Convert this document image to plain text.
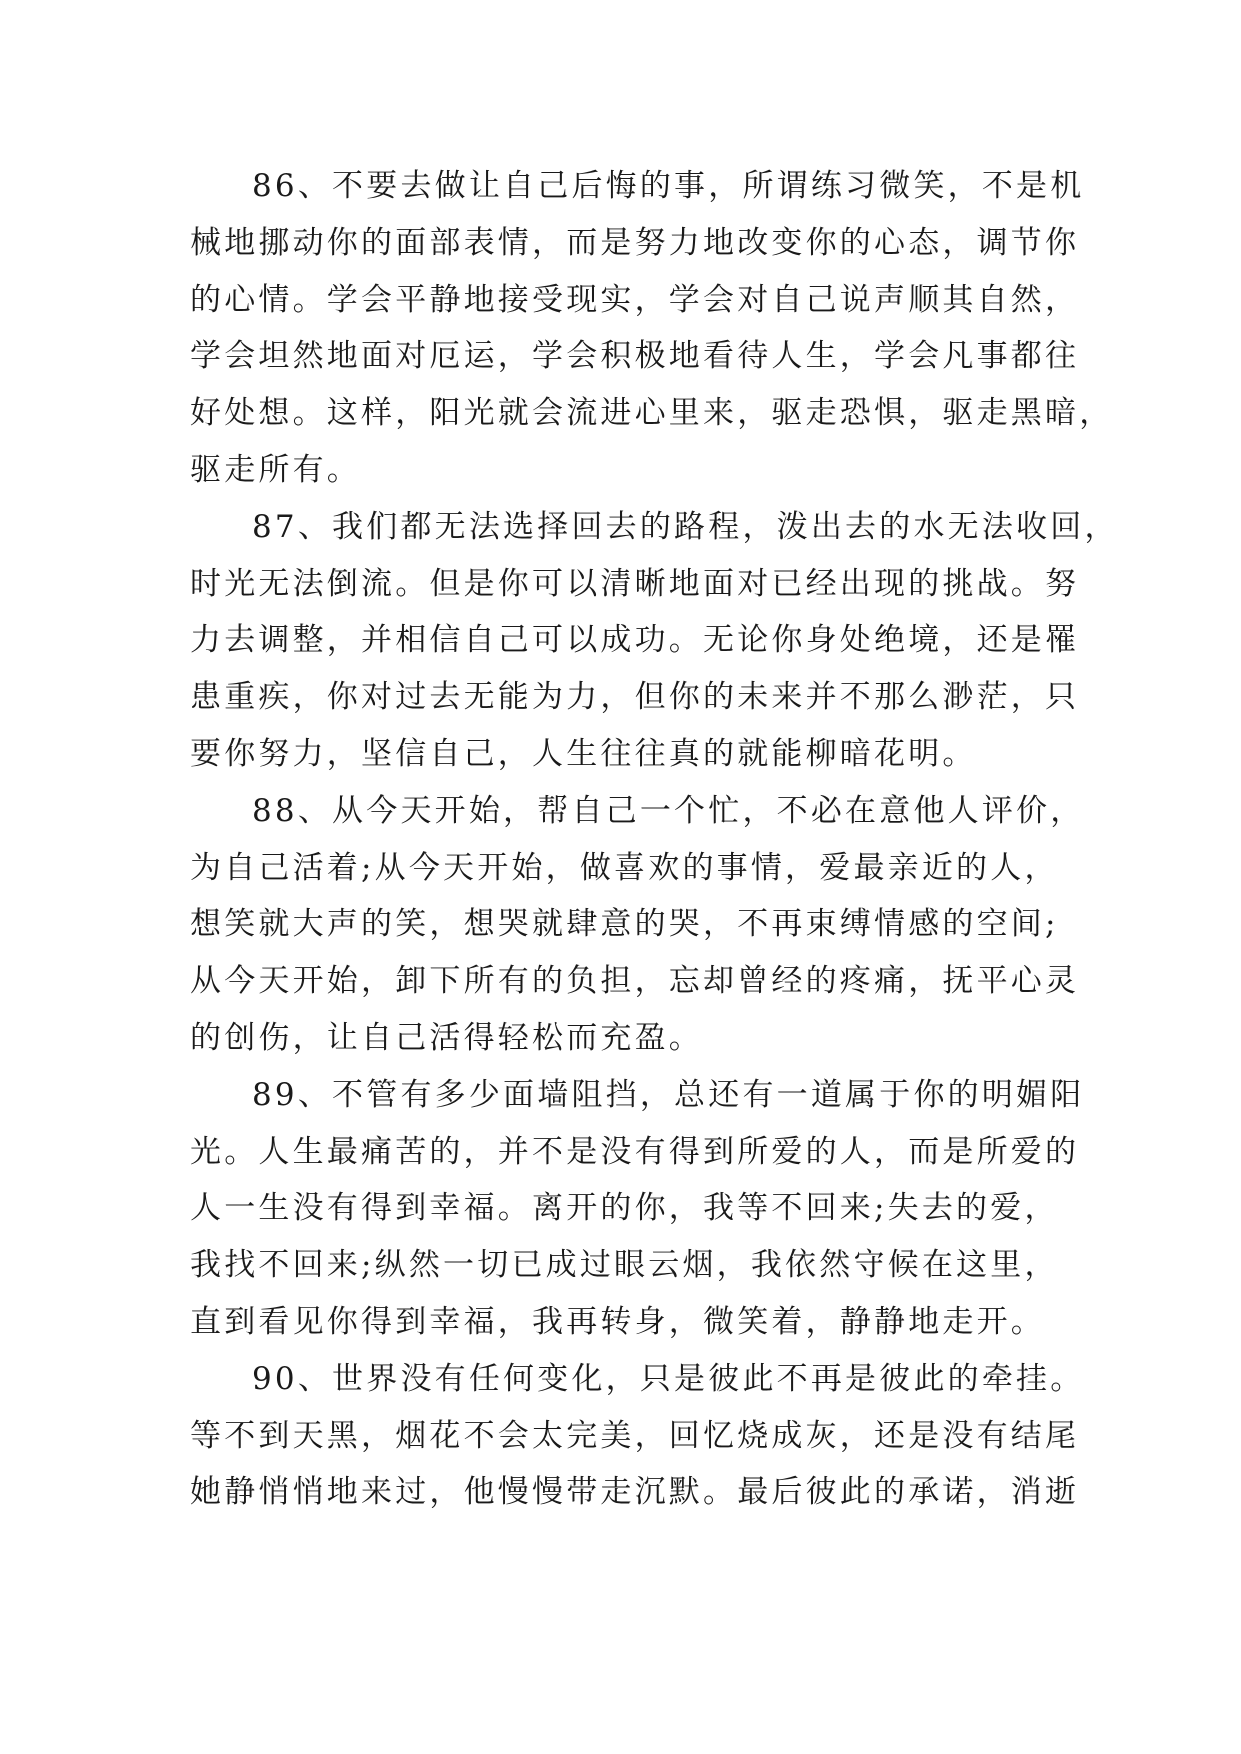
86、不要去做让自己后悔的事，所谓练习微笑，不是机
械地挪动你的面部表情，而是努力地改变你的心态，调节你
的心情。学会平静地接受现实，学会对自己说声顺其自然，
学会坦然地面对厄运，学会积极地看待人生，学会凡事都往
好处想。这样，阳光就会流进心里来，驱走恐惧，驱走黑暗，
驱走所有。
87、我们都无法选择回去的路程，泼出去的水无法收回，
时光无法倒流。但是你可以清晰地面对已经出现的挑战。努
力去调整，并相信自己可以成功。无论你身处绝境，还是罹
患重疾，你对过去无能为力，但你的未来并不那么渺茫，只
要你努力，坚信自己，人生往往真的就能柳暗花明。
88、从今天开始，帮自己一个忙，不必在意他人评价，
为自己活着;从今天开始，做喜欢的事情，爱最亲近的人，
想笑就大声的笑，想哭就肆意的哭，不再束缚情感的空间;
从今天开始，卸下所有的负担，忘却曾经的疼痛，抚平心灵
的创伤，让自己活得轻松而充盈。
89、不管有多少面墙阻挡，总还有一道属于你的明媚阳
光。人生最痛苦的，并不是没有得到所爱的人，而是所爱的
人一生没有得到幸福。离开的你，我等不回来;失去的爱，
我找不回来;纵然一切已成过眼云烟，我依然守候在这里，
直到看见你得到幸福，我再转身，微笑着，静静地走开。
90、世界没有任何变化，只是彼此不再是彼此的牵挂。
等不到天黑，烟花不会太完美，回忆烧成灰，还是没有结尾
她静悄悄地来过，他慢慢带走沉默。最后彼此的承诺，消逝
